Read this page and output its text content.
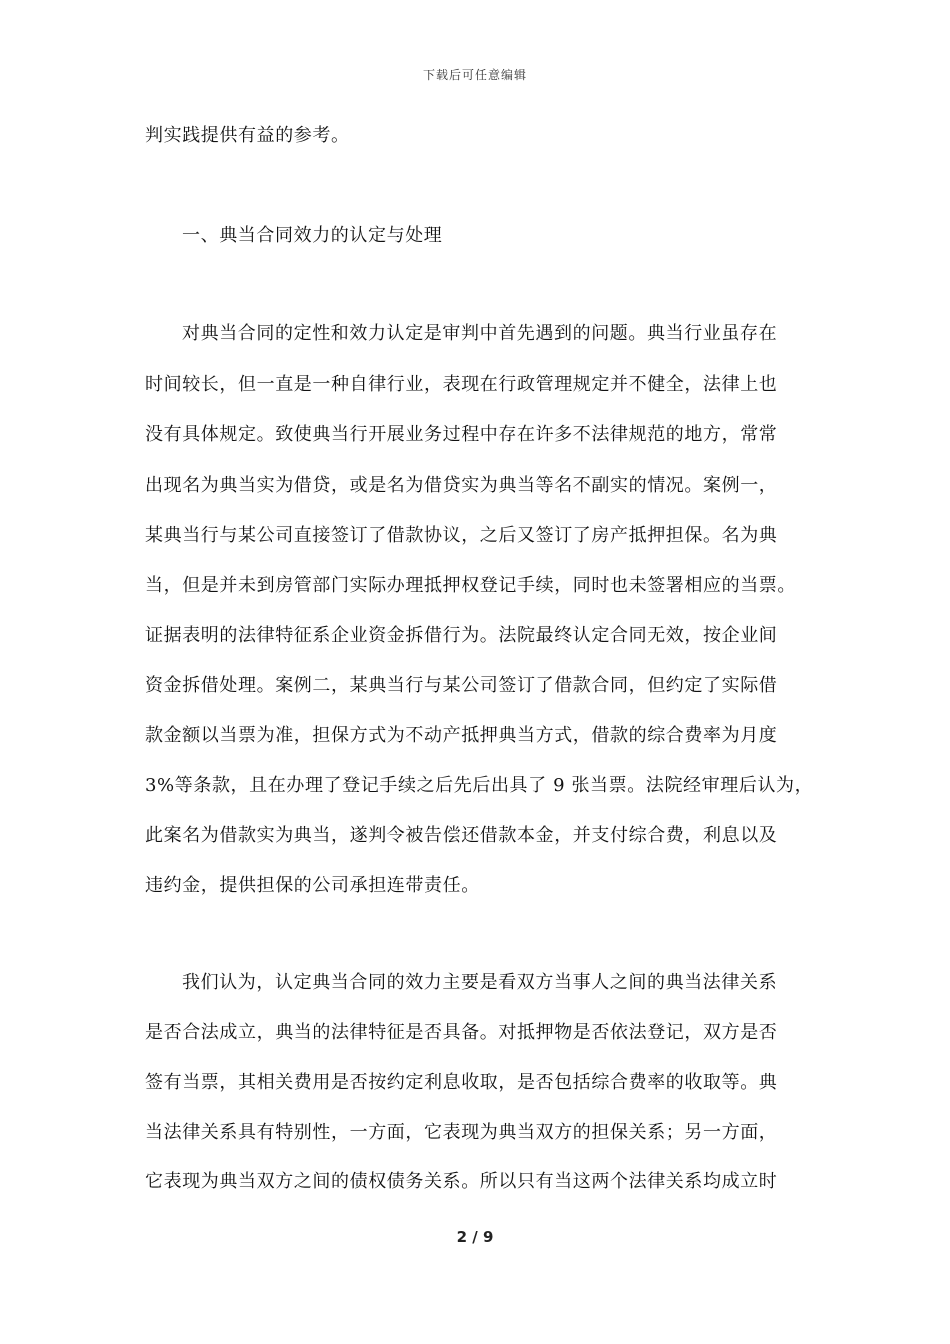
下载后可任意编辑
判实践提供有益的参考。
一、典当合同效力的认定与处理
对典当合同的定性和效力认定是审判中首先遇到的问题。典当行业虽存在
时间较长，但一直是一种自律行业，表现在行政管理规定并不健全，法律上也
没有具体规定。致使典当行开展业务过程中存在许多不法律规范的地方，常常
出现名为典当实为借贷，或是名为借贷实为典当等名不副实的情况。案例一，
某典当行与某公司直接签订了借款协议，之后又签订了房产抵押担保。名为典
当，但是并未到房管部门实际办理抵押权登记手续，同时也未签署相应的当票。
证据表明的法律特征系企业资金拆借行为。法院最终认定合同无效，按企业间
资金拆借处理。案例二，某典当行与某公司签订了借款合同，但约定了实际借
款金额以当票为准，担保方式为不动产抵押典当方式，借款的综合费率为月度
3%等条款，且在办理了登记手续之后先后出具了 9 张当票。法院经审理后认为，
此案名为借款实为典当，遂判令被告偿还借款本金，并支付综合费，利息以及
违约金，提供担保的公司承担连带责任。
我们认为，认定典当合同的效力主要是看双方当事人之间的典当法律关系
是否合法成立，典当的法律特征是否具备。对抵押物是否依法登记，双方是否
签有当票，其相关费用是否按约定利息收取，是否包括综合费率的收取等。典
当法律关系具有特别性，一方面，它表现为典当双方的担保关系；另一方面，
它表现为典当双方之间的债权债务关系。所以只有当这两个法律关系均成立时
2 / 9
